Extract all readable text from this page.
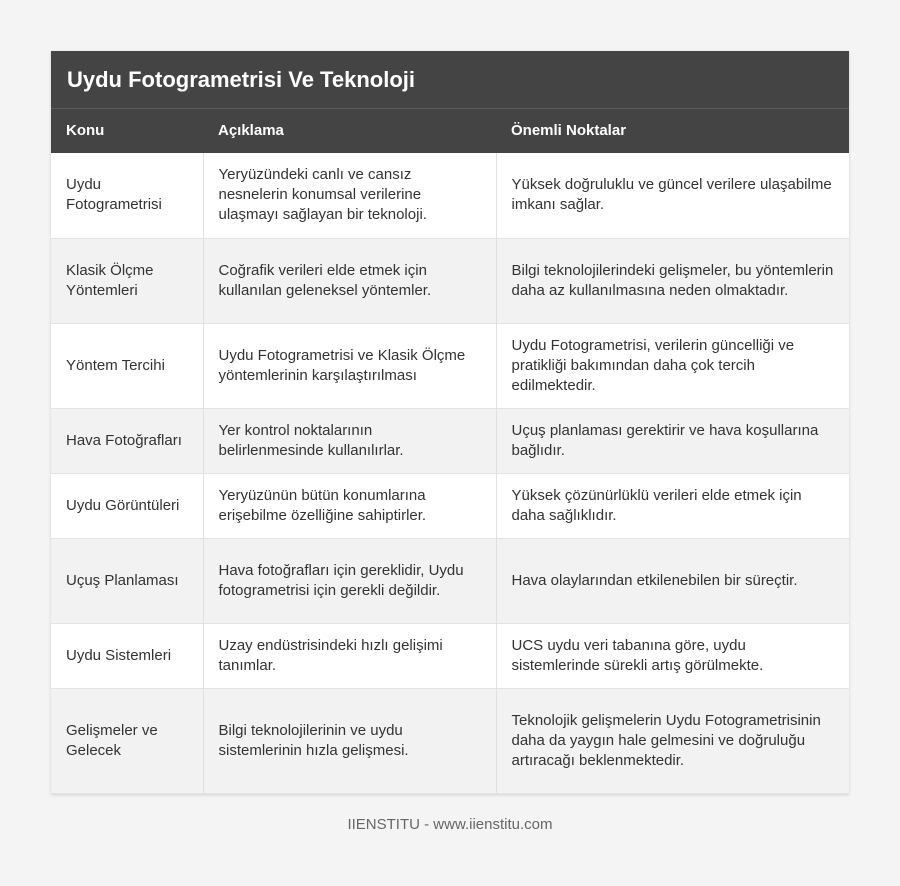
Uydu Fotogrametrisi Ve Teknoloji
Konu	Açıklama	Önemli Noktalar
Uydu Fotogrametrisi	Yeryüzündeki canlı ve cansız nesnelerin konumsal verilerine ulaşmayı sağlayan bir teknoloji.	Yüksek doğruluklu ve güncel verilere ulaşabilme imkanı sağlar.
Klasik Ölçme Yöntemleri	Coğrafik verileri elde etmek için kullanılan geleneksel yöntemler.	Bilgi teknolojilerindeki gelişmeler, bu yöntemlerin daha az kullanılmasına neden olmaktadır.
Yöntem Tercihi	Uydu Fotogrametrisi ve Klasik Ölçme yöntemlerinin karşılaştırılması	Uydu Fotogrametrisi, verilerin güncelliği ve pratikliği bakımından daha çok tercih edilmektedir.
Hava Fotoğrafları	Yer kontrol noktalarının belirlenmesinde kullanılırlar.	Uçuş planlaması gerektirir ve hava koşullarına bağlıdır.
Uydu Görüntüleri	Yeryüzünün bütün konumlarına erişebilme özelliğine sahiptirler.	Yüksek çözünürlüklü verileri elde etmek için daha sağlıklıdır.
Uçuş Planlaması	Hava fotoğrafları için gereklidir, Uydu fotogrametrisi için gerekli değildir.	Hava olaylarından etkilenebilen bir süreçtir.
Uydu Sistemleri	Uzay endüstrisindeki hızlı gelişimi tanımlar.	UCS uydu veri tabanına göre, uydu sistemlerinde sürekli artış görülmekte.
Gelişmeler ve Gelecek	Bilgi teknolojilerinin ve uydu sistemlerinin hızla gelişmesi.	Teknolojik gelişmelerin Uydu Fotogrametrisinin daha da yaygın hale gelmesini ve doğruluğu artıracağı beklenmektedir.
IIENSTITU - www.iienstitu.com
